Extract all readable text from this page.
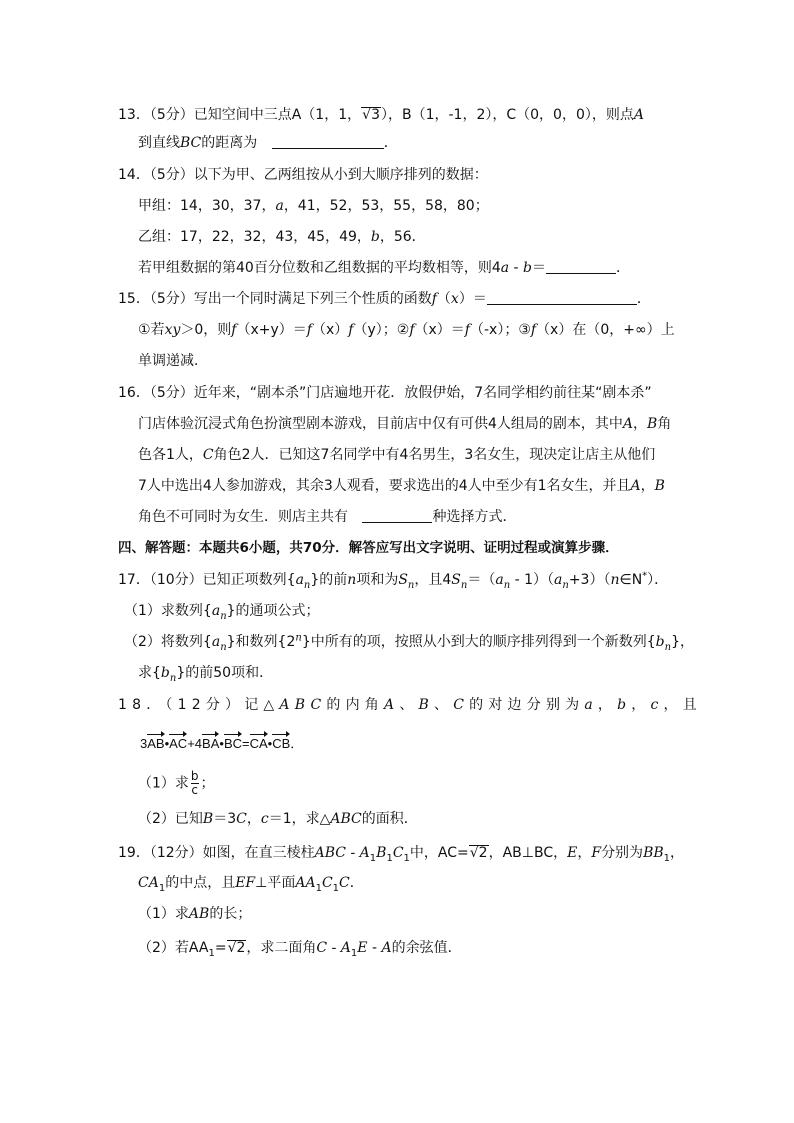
13．（5分）已知空间中三点A（1，1，√3），B（1，-1，2），C（0，0，0），则点A
到直线BC的距离为	．
14．（5分）以下为甲、乙两组按从小到大顺序排列的数据：
甲组：14，30，37，a，41，52，53，55，58，80；
乙组：17，22，32，43，45，49，b，56．
若甲组数据的第40百分位数和乙组数据的平均数相等，则4a - b＝	．
15．（5分）写出一个同时满足下列三个性质的函数f（x）＝	．
①若xy＞0，则f（x+y）＝f（x）f（y）；②f（x）＝f（-x）；③f（x）在（0，+∞）上
单调递减．
16．（5分）近年来，“剧本杀”门店遍地开花．放假伊始，7名同学相约前往某“剧本杀”
门店体验沉浸式角色扮演型剧本游戏，目前店中仅有可供4人组局的剧本，其中A，B角
色各1人，C角色2人．已知这7名同学中有4名男生，3名女生，现决定让店主从他们
7人中选出4人参加游戏，其余3人观看，要求选出的4人中至少有1名女生，并且A，B
角色不可同时为女生．则店主共有	种选择方式．
四、解答题：本题共6小题，共70分．解答应写出文字说明、证明过程或演算步骤．
17．（10分）已知正项数列$\{a_n\}$的前n项和为$S_n$，且$4S_n=(a_n$ - $1)(a_n+3)(n\in N^*)$．
（1）求数列$\{a_n\}$的通项公式；
（2）将数列$\{a_n\}$和数列{2$^n$}中所有的项，按照从小到大的顺序排列得到一个新数列$\{b_n\}$，
求$\{b_n\}$的前50项和．
18．（12分）记△ABC的内角A、B、C的对边分别为a，b，c，且
3AB•AC+4BA•BC=CA•CB．
（1）求 $\frac{b}{c}$ ；
（2）已知B＝3C，c＝1，求△ABC的面积．
19．（12分）如图，在直三棱柱ABC - $A_1B_1C_1$中，AC=√2，AB⊥BC，E，F分别为$BB_1$，
$CA_1$的中点，且EF⊥平面$AA_1C_1C$．
（1）求AB的长；
（2）若$AA_1=√2$，求二面角C - $A_1E$ - A的余弦值．
